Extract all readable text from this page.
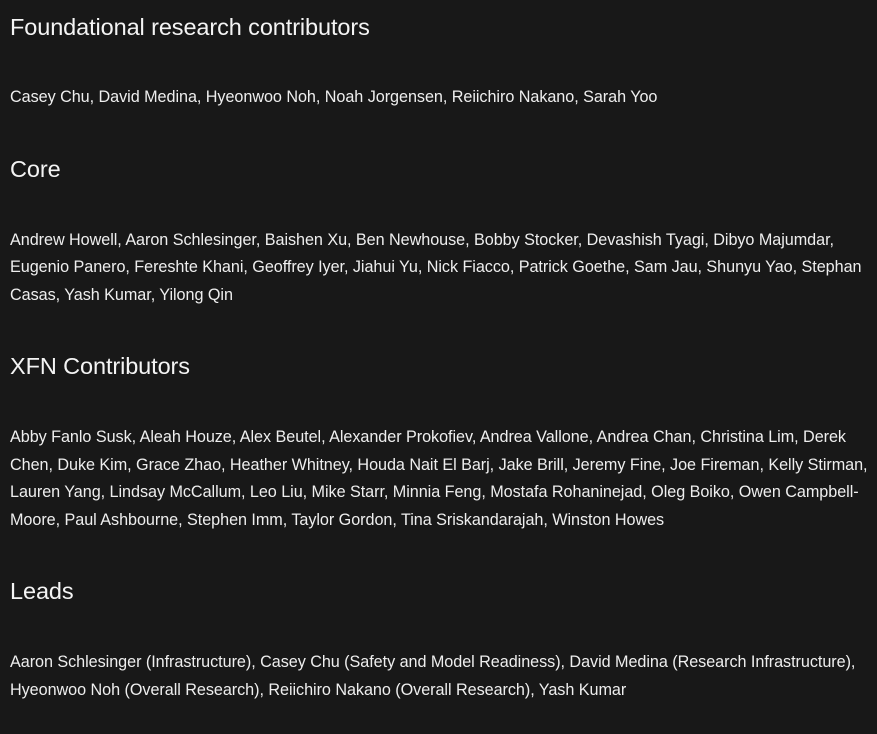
Foundational research contributors

Casey Chu, David Medina, Hyeonwoo Noh, Noah Jorgensen, Reiichiro Nakano, Sarah Yoo

Core

Andrew Howell, Aaron Schlesinger, Baishen Xu, Ben Newhouse, Bobby Stocker, Devashish Tyagi, Dibyo Majumdar, Eugenio Panero, Fereshte Khani, Geoffrey Iyer, Jiahui Yu, Nick Fiacco, Patrick Goethe, Sam Jau, Shunyu Yao, Stephan Casas, Yash Kumar, Yilong Qin

XFN Contributors

Abby Fanlo Susk, Aleah Houze, Alex Beutel, Alexander Prokofiev, Andrea Vallone, Andrea Chan, Christina Lim, Derek Chen, Duke Kim, Grace Zhao, Heather Whitney, Houda Nait El Barj, Jake Brill, Jeremy Fine, Joe Fireman, Kelly Stirman, Lauren Yang, Lindsay McCallum, Leo Liu, Mike Starr, Minnia Feng, Mostafa Rohaninejad, Oleg Boiko, Owen Campbell-Moore, Paul Ashbourne, Stephen Imm, Taylor Gordon, Tina Sriskandarajah, Winston Howes

Leads

Aaron Schlesinger (Infrastructure), Casey Chu (Safety and Model Readiness), David Medina (Research Infrastructure), Hyeonwoo Noh (Overall Research), Reiichiro Nakano (Overall Research), Yash Kumar
